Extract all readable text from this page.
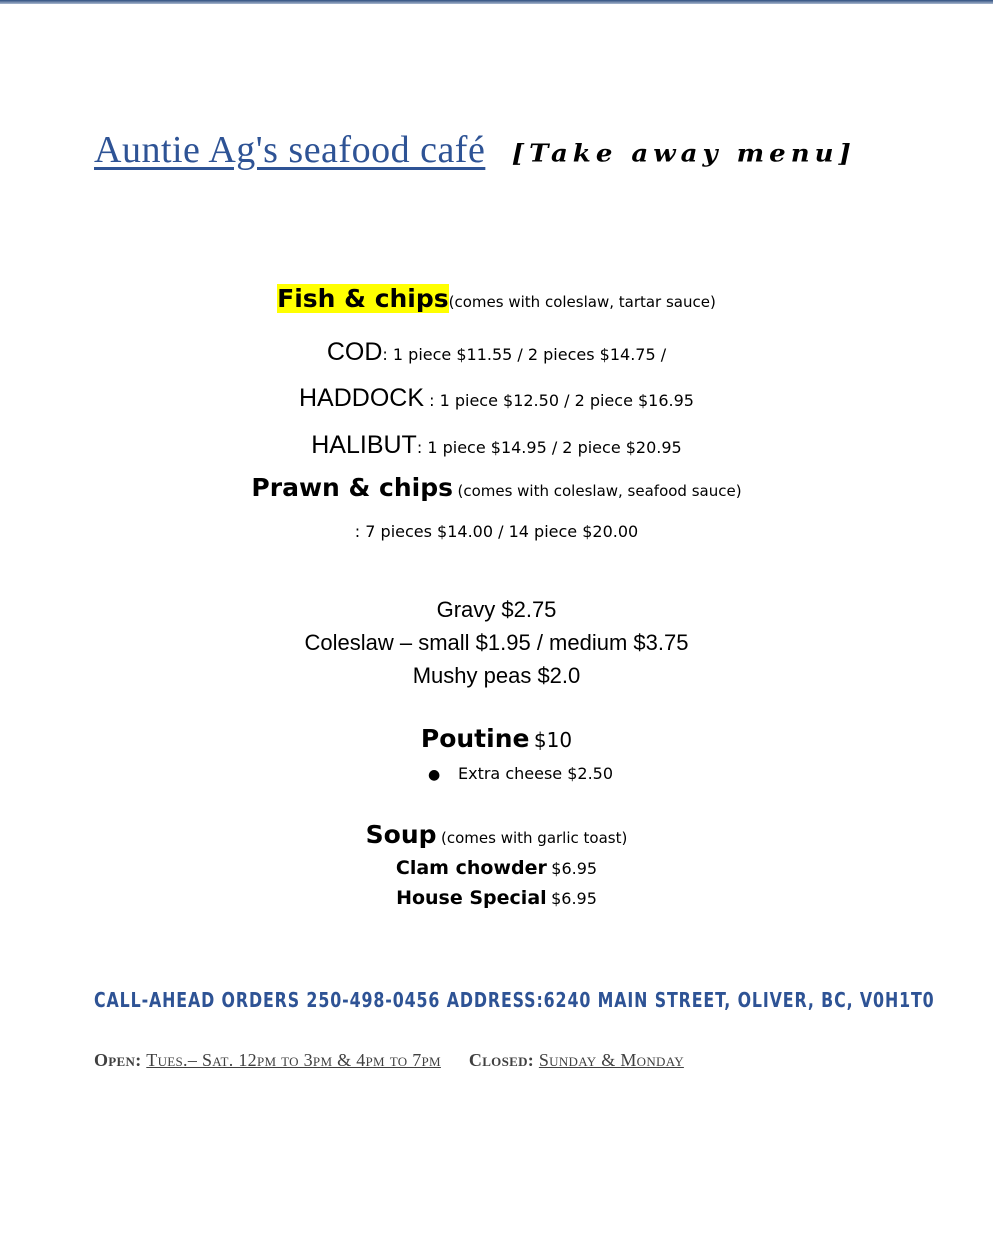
Auntie Ag's seafood café [Take away menu]
Fish & chips(comes with coleslaw, tartar sauce)
COD: 1 piece $11.55 / 2 pieces $14.75 /
HADDOCK : 1 piece $12.50 / 2 piece $16.95
HALIBUT: 1 piece $14.95 / 2 piece $20.95
Prawn & chips (comes with coleslaw, seafood sauce)
: 7 pieces $14.00 / 14 piece $20.00
Gravy $2.75
Coleslaw – small $1.95 / medium $3.75
Mushy peas $2.0
Poutine $10
● Extra cheese $2.50
Soup (comes with garlic toast)
Clam chowder $6.95
House Special $6.95
CALL-AHEAD ORDERS 250-498-0456 ADDRESS:6240 MAIN STREET, OLIVER, BC, V0H1T0
Open: Tues.– Sat. 12pm to 3pm & 4pm to 7pm Closed: Sunday & Monday
